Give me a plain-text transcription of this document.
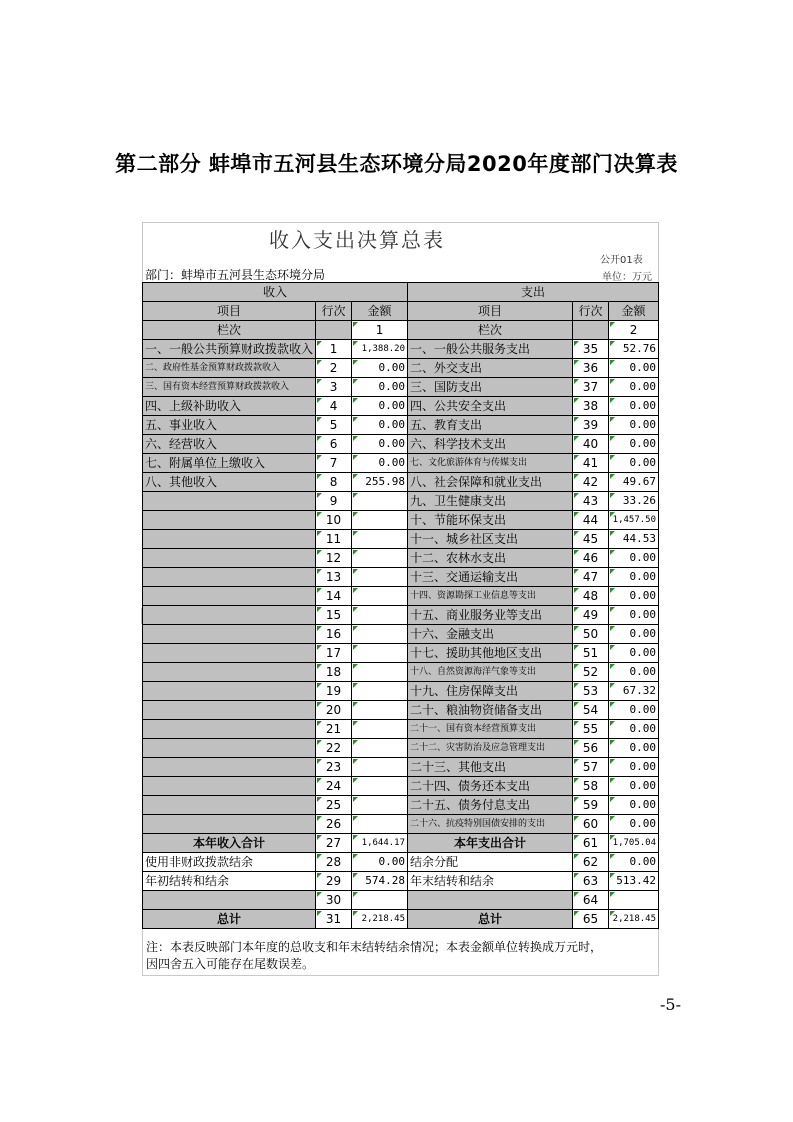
第二部分 蚌埠市五河县生态环境分局2020年度部门决算表
收入支出决算总表
公开01表
部门：蚌埠市五河县生态环境分局	单位：万元
收入			支出		
项目	行次	金额	项目	行次	金额
栏次		1	栏次		2
一、一般公共预算财政拨款收入	1	1,388.20	一、一般公共服务支出	35	52.76
二、政府性基金预算财政拨款收入	2	0.00	二、外交支出	36	0.00
三、国有资本经营预算财政拨款收入	3	0.00	三、国防支出	37	0.00
四、上级补助收入	4	0.00	四、公共安全支出	38	0.00
五、事业收入	5	0.00	五、教育支出	39	0.00
六、经营收入	6	0.00	六、科学技术支出	40	0.00
七、附属单位上缴收入	7	0.00	七、文化旅游体育与传媒支出	41	0.00
八、其他收入	8	255.98	八、社会保障和就业支出	42	49.67
	9		九、卫生健康支出	43	33.26
	10		十、节能环保支出	44	1,457.50
	11		十一、城乡社区支出	45	44.53
	12		十二、农林水支出	46	0.00
	13		十三、交通运输支出	47	0.00
	14		十四、资源勘探工业信息等支出	48	0.00
	15		十五、商业服务业等支出	49	0.00
	16		十六、金融支出	50	0.00
	17		十七、援助其他地区支出	51	0.00
	18		十八、自然资源海洋气象等支出	52	0.00
	19		十九、住房保障支出	53	67.32
	20		二十、粮油物资储备支出	54	0.00
	21		二十一、国有资本经营预算支出	55	0.00
	22		二十二、灾害防治及应急管理支出	56	0.00
	23		二十三、其他支出	57	0.00
	24		二十四、债务还本支出	58	0.00
	25		二十五、债务付息支出	59	0.00
	26		二十六、抗疫特别国债安排的支出	60	0.00
本年收入合计	27	1,644.17	本年支出合计	61	1,705.04
使用非财政拨款结余	28	0.00	结余分配	62	0.00
年初结转和结余	29	574.28	年末结转和结余	63	513.42
	30			64	
总计	31	2,218.45	总计	65	2,218.45
注：本表反映部门本年度的总收支和年末结转结余情况；本表金额单位转换成万元时，
因四舍五入可能存在尾数误差。
-5-
